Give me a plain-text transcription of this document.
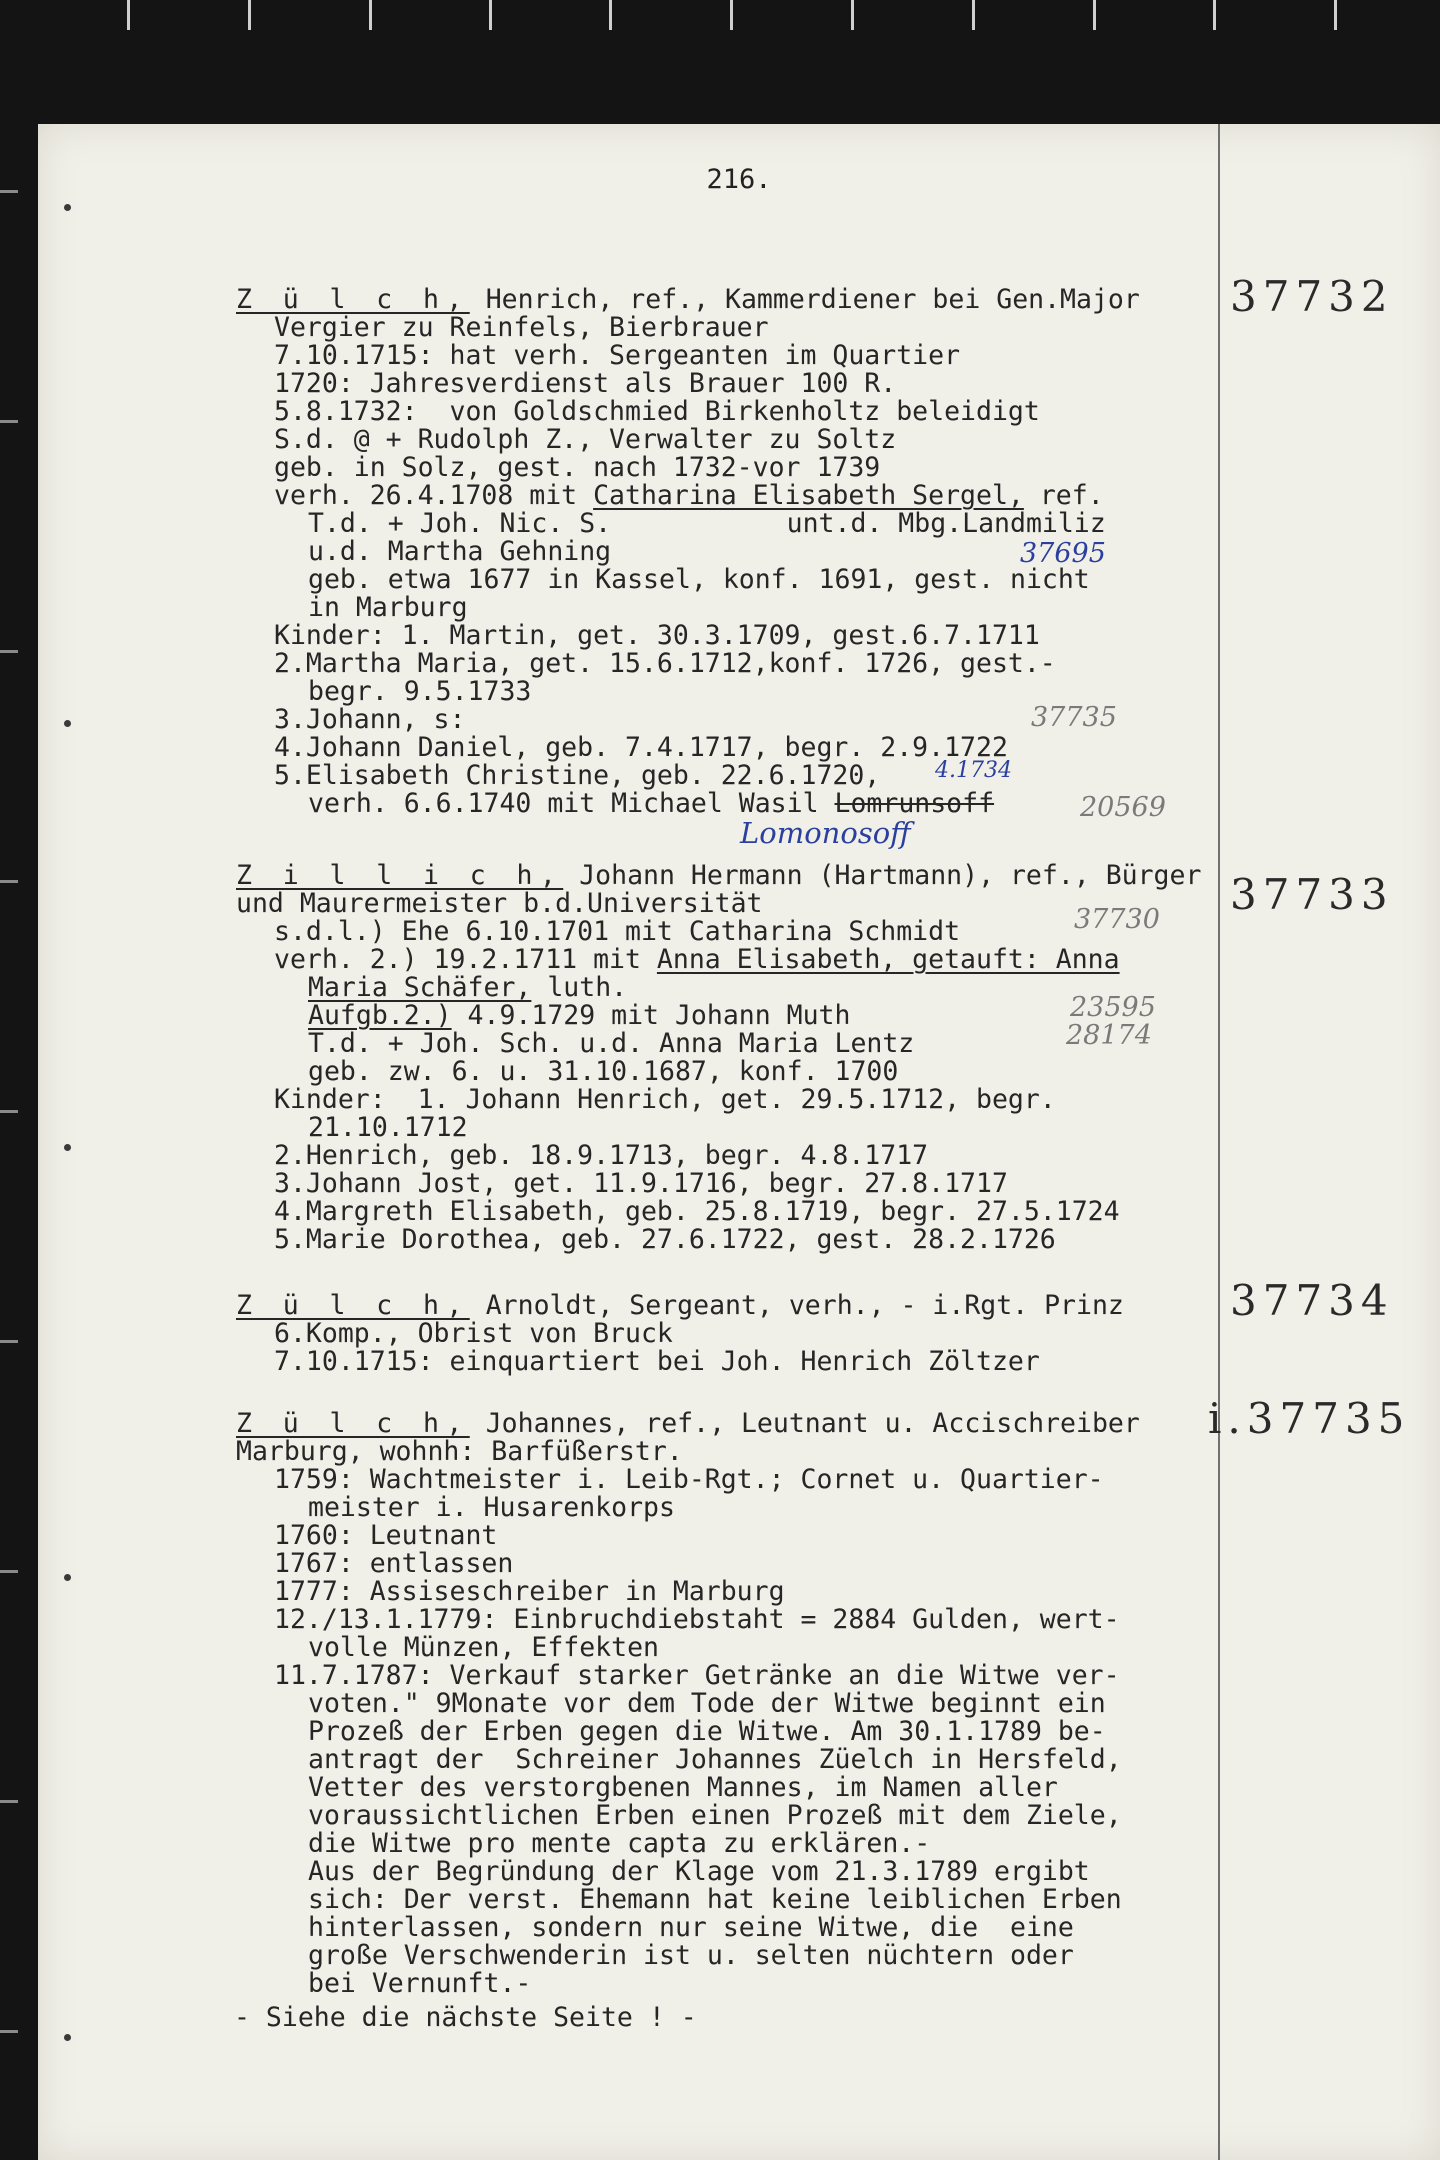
216.
37732
Z ü l c h, Henrich, ref., Kammerdiener bei Gen.Major
Vergier zu Reinfels, Bierbrauer
7.10.1715: hat verh. Sergeanten im Quartier
1720: Jahresverdienst als Brauer 100 R.
5.8.1732:  von Goldschmied Birkenholtz beleidigt
S.d. @ + Rudolph Z., Verwalter zu Soltz
geb. in Solz, gest. nach 1732-vor 1739
verh. 26.4.1708 mit Catharina Elisabeth Sergel, ref.
T.d. + Joh. Nic. S.           unt.d. Mbg.Landmiliz
u.d. Martha Gehning
geb. etwa 1677 in Kassel, konf. 1691, gest. nicht
in Marburg
Kinder: 1. Martin, get. 30.3.1709, gest.6.7.1711
2.Martha Maria, get. 15.6.1712,konf. 1726, gest.-
begr. 9.5.1733
3.Johann, s:
4.Johann Daniel, geb. 7.4.1717, begr. 2.9.1722
5.Elisabeth Christine, geb. 22.6.1720,
verh. 6.6.1740 mit Michael Wasil Lomrunsoff
37695
37735
4.1734
20569
Lomonosoff
37733
Z i l l i c h, Johann Hermann (Hartmann), ref., Bürger
und Maurermeister b.d.Universität
s.d.l.) Ehe 6.10.1701 mit Catharina Schmidt
verh. 2.) 19.2.1711 mit Anna Elisabeth, getauft: Anna
Maria Schäfer, luth.
Aufgb.2.) 4.9.1729 mit Johann Muth
T.d. + Joh. Sch. u.d. Anna Maria Lentz
geb. zw. 6. u. 31.10.1687, konf. 1700
Kinder:  1. Johann Henrich, get. 29.5.1712, begr.
21.10.1712
2.Henrich, geb. 18.9.1713, begr. 4.8.1717
3.Johann Jost, get. 11.9.1716, begr. 27.8.1717
4.Margreth Elisabeth, geb. 25.8.1719, begr. 27.5.1724
5.Marie Dorothea, geb. 27.6.1722, gest. 28.2.1726
37730
23595
28174
37734
Z ü l c h, Arnoldt, Sergeant, verh., - i.Rgt. Prinz
6.Komp., Obrist von Bruck
7.10.1715: einquartiert bei Joh. Henrich Zöltzer
i.37735
Z ü l c h, Johannes, ref., Leutnant u. Accischreiber
Marburg, wohnh: Barfüßerstr.
1759: Wachtmeister i. Leib-Rgt.; Cornet u. Quartier-
meister i. Husarenkorps
1760: Leutnant
1767: entlassen
1777: Assiseschreiber in Marburg
12./13.1.1779: Einbruchdiebstaht = 2884 Gulden, wert-
volle Münzen, Effekten
11.7.1787: Verkauf starker Getränke an die Witwe ver-
voten." 9Monate vor dem Tode der Witwe beginnt ein
Prozeß der Erben gegen die Witwe. Am 30.1.1789 be-
antragt der  Schreiner Johannes Züelch in Hersfeld,
Vetter des verstorgbenen Mannes, im Namen aller
voraussichtlichen Erben einen Prozeß mit dem Ziele,
die Witwe pro mente capta zu erklären.-
Aus der Begründung der Klage vom 21.3.1789 ergibt
sich: Der verst. Ehemann hat keine leiblichen Erben
hinterlassen, sondern nur seine Witwe, die  eine
große Verschwenderin ist u. selten nüchtern oder
bei Vernunft.-
- Siehe die nächste Seite ! -
